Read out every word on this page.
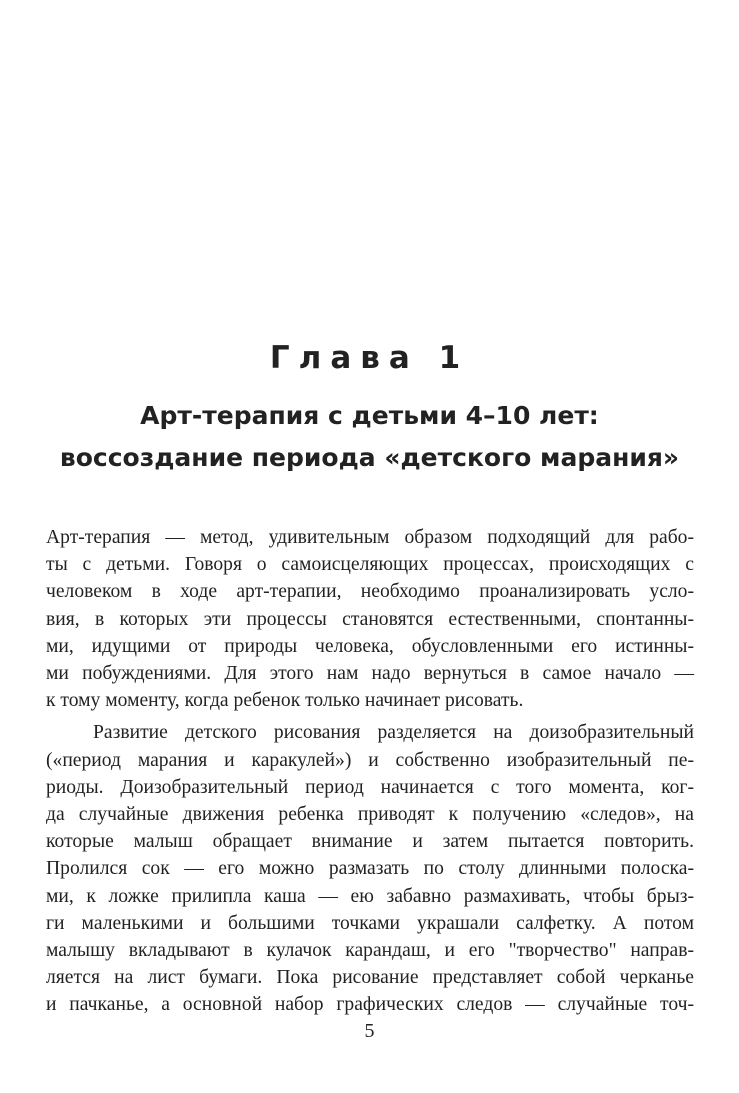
Глава 1
Арт-терапия с детьми 4–10 лет:
воссоздание периода «детского марания»
Арт-терапия — метод, удивительным образом подходящий для рабо-
ты с детьми. Говоря о самоисцеляющих процессах, происходящих с
человеком в ходе арт-терапии, необходимо проанализировать усло-
вия, в которых эти процессы становятся естественными, спонтанны-
ми, идущими от природы человека, обусловленными его истинны-
ми побуждениями. Для этого нам надо вернуться в самое начало —
к тому моменту, когда ребенок только начинает рисовать.
Развитие детского рисования разделяется на доизобразительный
(«период марания и каракулей») и собственно изобразительный пе-
риоды. Доизобразительный период начинается с того момента, ког-
да случайные движения ребенка приводят к получению «следов», на
которые малыш обращает внимание и затем пытается повторить.
Пролился сок — его можно размазать по столу длинными полоска-
ми, к ложке прилипла каша — ею забавно размахивать, чтобы брыз-
ги маленькими и большими точками украшали салфетку. А потом
малышу вкладывают в кулачок карандаш, и его "творчество" направ-
ляется на лист бумаги. Пока рисование представляет собой черканье
и пачканье, а основной набор графических следов — случайные точ-
5
